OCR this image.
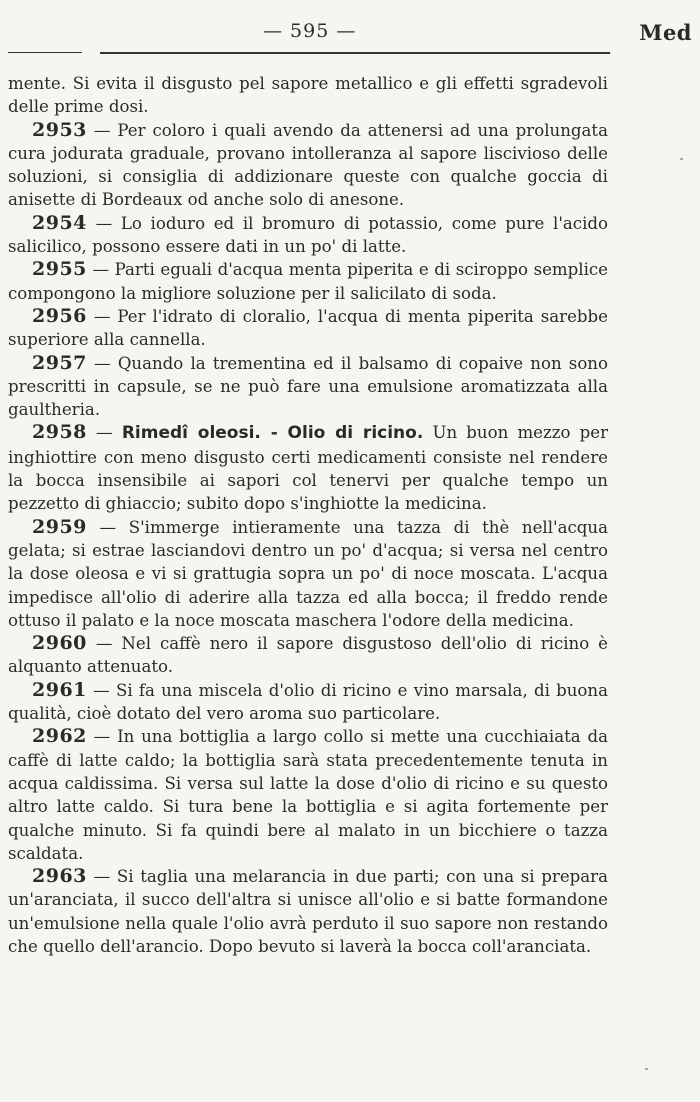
— 595 —	Med

mente. Si evita il disgusto pel sapore metallico e gli effetti sgradevoli delle prime dosi.

2953 — Per coloro i quali avendo da attenersi ad una prolungata cura jodurata graduale, provano intolleranza al sapore liscivioso delle soluzioni, si consiglia di addizionare queste con qualche goccia di anisette di Bordeaux od anche solo di anesone.

2954 — Lo ioduro ed il bromuro di potassio, come pure l'acido salicilico, possono essere dati in un po' di latte.

2955 — Parti eguali d'acqua menta piperita e di sciroppo semplice compongono la migliore soluzione per il salicilato di soda.

2956 — Per l'idrato di cloralio, l'acqua di menta piperita sarebbe superiore alla cannella.

2957 — Quando la trementina ed il balsamo di copaive non sono prescritti in capsule, se ne può fare una emulsione aromatizzata alla gaultheria.

2958 — Rimedî oleosi. - Olio di ricino. Un buon mezzo per inghiottire con meno disgusto certi medicamenti consiste nel rendere la bocca insensibile ai sapori col tenervi per qualche tempo un pezzetto di ghiaccio; subito dopo s'inghiotte la medicina.

2959 — S'immerge intieramente una tazza di thè nell'acqua gelata; si estrae lasciandovi dentro un po' d'acqua; si versa nel centro la dose oleosa e vi si grattugia sopra un po' di noce moscata. L'acqua impedisce all'olio di aderire alla tazza ed alla bocca; il freddo rende ottuso il palato e la noce moscata maschera l'odore della medicina.

2960 — Nel caffè nero il sapore disgustoso dell'olio di ricino è alquanto attenuato.

2961 — Si fa una miscela d'olio di ricino e vino marsala, di buona qualità, cioè dotato del vero aroma suo particolare.

2962 — In una bottiglia a largo collo si mette una cucchiaiata da caffè di latte caldo; la bottiglia sarà stata precedentemente tenuta in acqua caldissima. Si versa sul latte la dose d'olio di ricino e su questo altro latte caldo. Si tura bene la bottiglia e si agita fortemente per qualche minuto. Si fa quindi bere al malato in un bicchiere o tazza scaldata.

2963 — Si taglia una melarancia in due parti; con una si prepara un'aranciata, il succo dell'altra si unisce all'olio e si batte formandone un'emulsione nella quale l'olio avrà perduto il suo sapore non restando che quello dell'arancio. Dopo bevuto si laverà la bocca coll'aranciata.
